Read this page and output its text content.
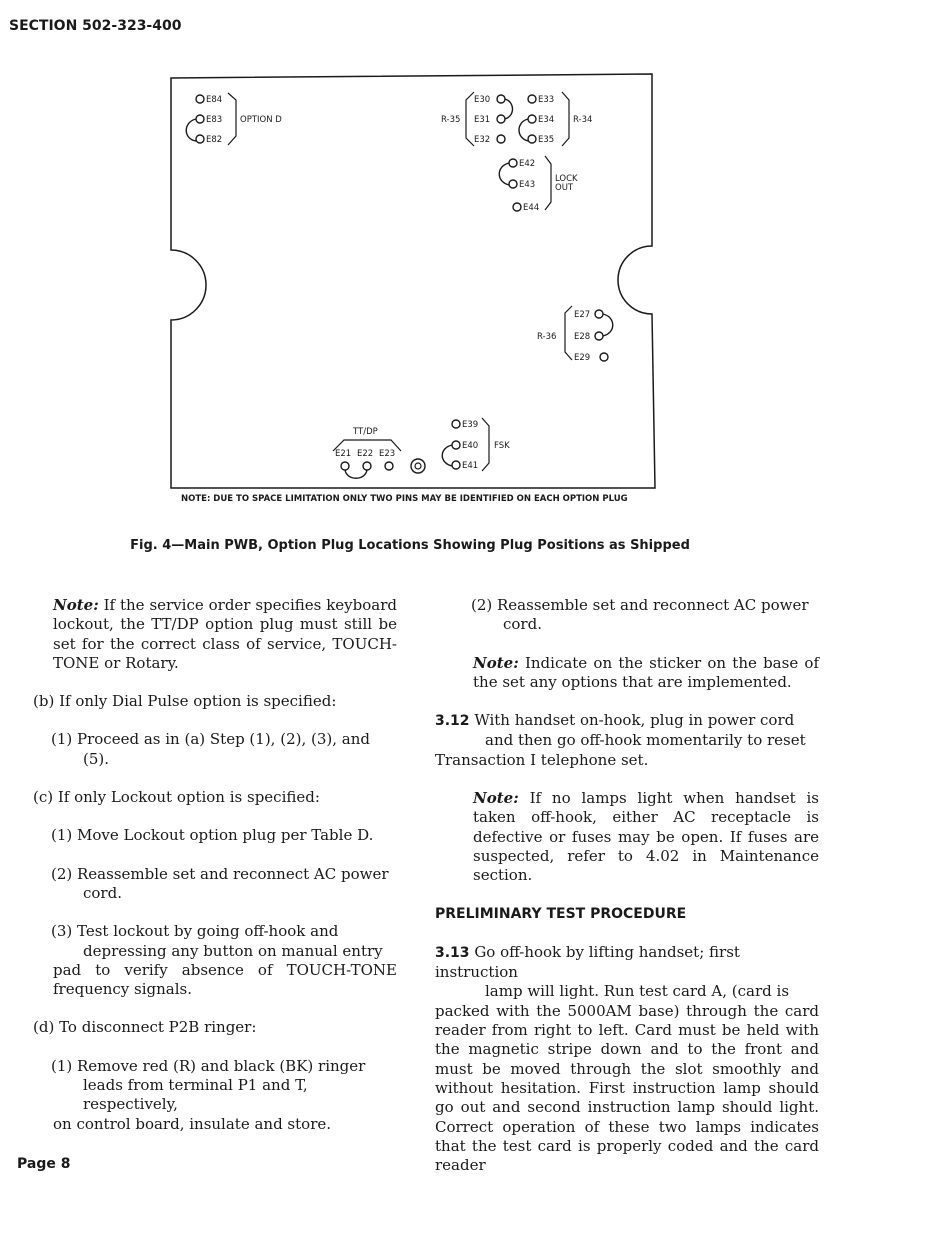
SECTION 502-323-400
E84
E83
E82
OPTION D	R-35
E30
E31
E32
E33
E34
E35
R-34
E42
E43
E44
LOCK
OUT
R-36
E27
E28
E29
TT/DP
E21 E22 E23
E39
E40
E41
FSK
NOTE: DUE TO SPACE LIMITATION ONLY TWO PINS MAY BE IDENTIFIED ON EACH OPTION PLUG
Fig. 4—Main PWB, Option Plug Locations Showing Plug Positions as Shipped

Note: If the service order specifies keyboard lockout, the TT/DP option plug must still be set for the correct class of service, TOUCH-TONE or Rotary.

(b) If only Dial Pulse option is specified:

(1) Proceed as in (a) Step (1), (2), (3), and

(5).

(c) If only Lockout option is specified:

(1) Move Lockout option plug per Table D.

(2) Reassemble set and reconnect AC power

cord.

(3) Test lockout by going off-hook and

depressing any button on manual entry

pad to verify absence of TOUCH-TONE frequency signals.

(d) To disconnect P2B ringer:

(1) Remove red (R) and black (BK) ringer

leads from terminal P1 and T, respectively,

on control board, insulate and store.

(2) Reassemble set and reconnect AC power

cord.

Note: Indicate on the sticker on the base of the set any options that are implemented.

3.12 With handset on-hook, plug in power cord

and then go off-hook momentarily to reset

Transaction I telephone set.

Note: If no lamps light when handset is taken off-hook, either AC receptacle is defective or fuses may be open. If fuses are suspected, refer to 4.02 in Maintenance section.

PRELIMINARY TEST PROCEDURE

3.13 Go off-hook by lifting handset; first instruction

lamp will light. Run test card A, (card is

packed with the 5000AM base) through the card reader from right to left. Card must be held with the magnetic stripe down and to the front and must be moved through the slot smoothly and without hesitation. First instruction lamp should go out and second instruction lamp should light. Correct operation of these two lamps indicates that the test card is properly coded and the card reader

Page 8
